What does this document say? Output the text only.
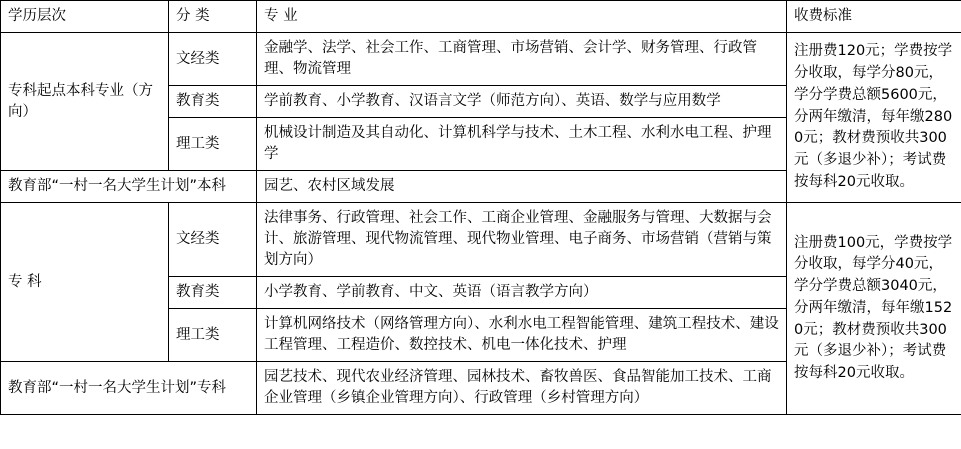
学历层次	分 类	专 业	收费标准
专科起点本科专业（方向）	文经类	金融学、法学、社会工作、工商管理、市场营销、会计学、财务管理、行政管理、物流管理	注册费120元；学费按学分收取，每学分80元，学分学费总额5600元，分两年缴清，每年缴2800元；教材费预收共300元（多退少补）；考试费按每科20元收取。
	教育类	学前教育、小学教育、汉语言文学（师范方向）、英语、数学与应用数学	
	理工类	机械设计制造及其自动化、计算机科学与技术、土木工程、水利水电工程、护理学	
教育部“一村一名大学生计划”本科		园艺、农村区域发展	
专 科	文经类	法律事务、行政管理、社会工作、工商企业管理、金融服务与管理、大数据与会计、旅游管理、现代物流管理、现代物业管理、电子商务、市场营销（营销与策划方向）	注册费100元，学费按学分收取，每学分40元，学分学费总额3040元，分两年缴清，每年缴1520元；教材费预收共300元（多退少补）；考试费按每科20元收取。
	教育类	小学教育、学前教育、中文、英语（语言教学方向）	
	理工类	计算机网络技术（网络管理方向）、水利水电工程智能管理、建筑工程技术、建设工程管理、工程造价、数控技术、机电一体化技术、护理	
教育部“一村一名大学生计划”专科		园艺技术、现代农业经济管理、园林技术、畜牧兽医、食品智能加工技术、工商企业管理（乡镇企业管理方向）、行政管理（乡村管理方向）	
